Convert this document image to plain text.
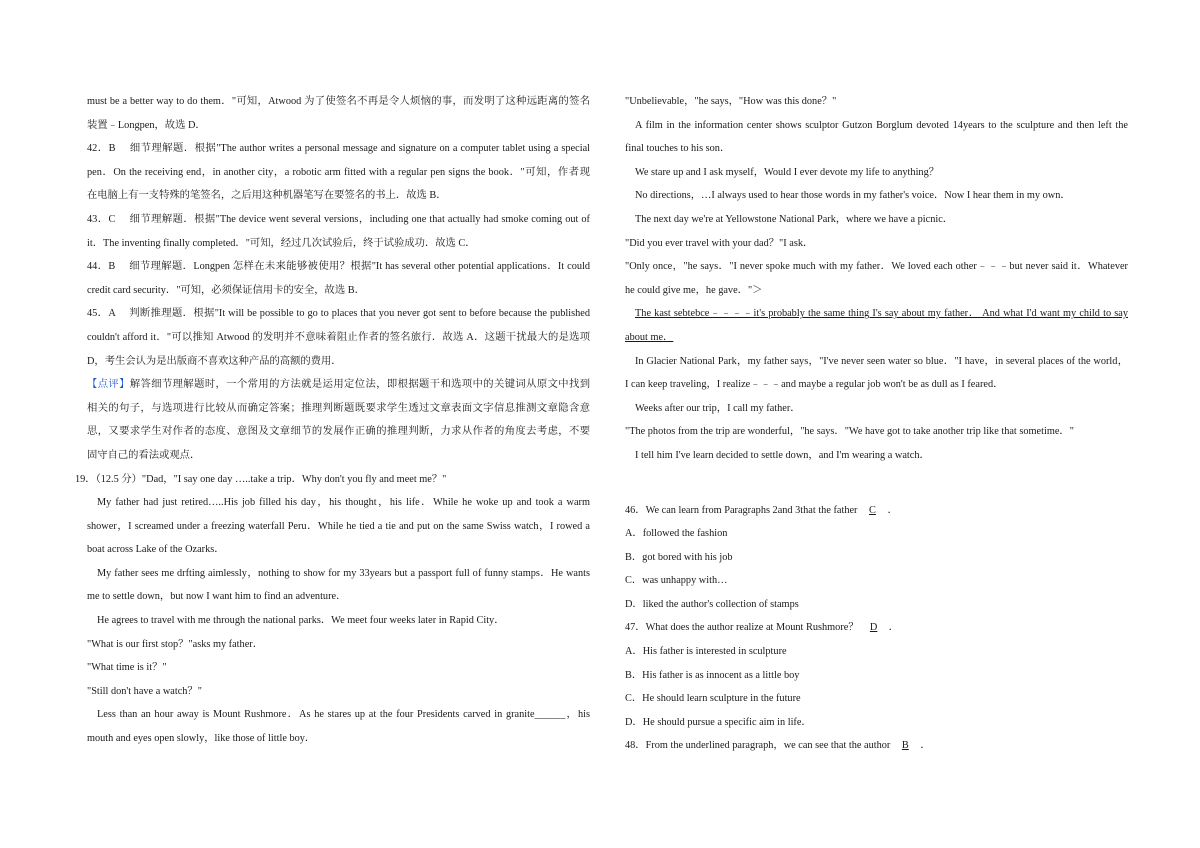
must be a better way to do them．"可知，Atwood 为了使签名不再是令人烦恼的事，而发明了这种远距离的签名
装置﹣Longpen，故选 D．
42．B　 细节理解题．根据"The author writes a personal message and signature on a computer tablet using a special
pen．On the receiving end，in another city，a robotic arm fitted with a regular pen signs the book．"可知，作者现
在电脑上有一支特殊的笔签名，之后用这种机器笔写在要签名的书上．故选 B．
43．C　 细节理解题．根据"The device went several versions，including one that actually had smoke coming out of
it．The inventing finally completed．"可知，经过几次试验后，终于试验成功．故选 C．
44．B　 细节理解题．Longpen 怎样在未来能够被使用？根据"It has several other potential applications．It could
credit card security．"可知，必须保证信用卡的安全，故选 B．
45．A　 判断推理题．根据"It will be possible to go to places that you never got sent to before because the published
couldn't afford it．"可以推知 Atwood 的发明并不意味着阻止作者的签名旅行．故选 A．这题干扰最大的是选项
D，考生会认为是出版商不喜欢这种产品的高额的费用．
【点评】解答细节理解题时，一个常用的方法就是运用定位法，即根据题干和选项中的关键词从原文中找到
相关的句子，与选项进行比较从而确定答案；推理判断题既要求学生透过文章表面文字信息推测文章隐含意
思，又要求学生对作者的态度、意图及文章细节的发展作正确的推理判断，力求从作者的角度去考虑，不要
固守自己的看法或观点．
19．（12.5 分）"Dad，"I say one day …..take a trip．Why don't you fly and meet me？"
My father had just retired…..His job filled his day，his thought，his life．While he woke up and took a warm
shower，I screamed under a freezing waterfall Peru．While he tied a tie and put on the same Swiss watch，I rowed a
boat across Lake of the Ozarks．
My father sees me drfting aimlessly，nothing to show for my 33years but a passport full of funny stamps．He wants
me to settle down，but now I want him to find an adventure．
He agrees to travel with me through the national parks．We meet four weeks later in Rapid City．
"What is our first stop？"asks my father．
"What time is it？"
"Still don't have a watch？"
Less than an hour away is Mount Rushmore．As he stares up at the four Presidents carved in granite______，his
mouth and eyes open slowly，like those of little boy．
"Unbelievable，"he says，"How was this done？"
A film in the information center shows sculptor Gutzon Borglum devoted 14years to the sculpture and then left the
final touches to his son．
We stare up and I ask myself，Would I ever devote my life to anything？
No directions，…I always used to hear those words in my father's voice．Now I hear them in my own．
The next day we're at Yellowstone National Park，where we have a picnic．
"Did you ever travel with your dad？"I ask．
"Only once，"he says．"I never spoke much with my father．We loved each other﹣﹣﹣but never said it．Whatever
he could give me，he gave．"＞
The kast sebtebce﹣﹣﹣﹣it's probably the same thing I's say about my father． And what I'd want my child to say
about me．
In Glacier National Park，my father says，"I've never seen water so blue．"I have，in several places of the world，
I can keep traveling，I realize﹣﹣﹣and maybe a regular job won't be as dull as I feared．
Weeks after our trip，I call my father．
"The photos from the trip are wonderful，"he says．"We have got to take another trip like that sometime．"
I tell him I've learn decided to settle down，and I'm wearing a watch．
46．We can learn from Paragraphs 2and 3that the father C ．
A．followed the fashion
B．got bored with his job
C．was unhappy with…
D．liked the author's collection of stamps
47．What does the author realize at Mount Rushmore？ D ．
A．His father is interested in sculpture
B．His father is as innocent as a little boy
C．He should learn sculpture in the future
D．He should pursue a specific aim in life．
48．From the underlined paragraph，we can see that the author B ．
